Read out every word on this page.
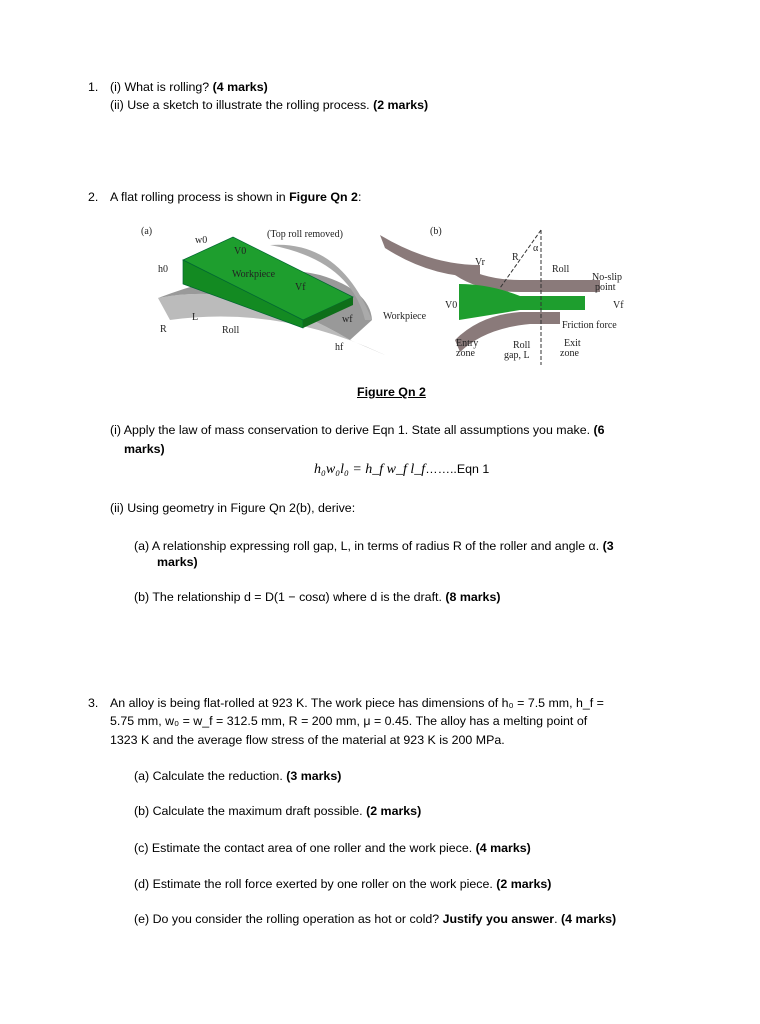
1. (i) What is rolling? (4 marks)
(ii) Use a sketch to illustrate the rolling process. (2 marks)
2. A flat rolling process is shown in Figure Qn 2:
(a)	(Top roll removed)
Workpiece
Roll
w0
h0
V0
Vf
wf
hf
L
R
(b)
R
α
Vr
Roll
No-slip
point
Vf
V0
Workpiece
Friction force
Entry
zone
Roll
gap, L
Exit
zone
Figure Qn 2
(i) Apply the law of mass conservation to derive Eqn 1. State all assumptions you make. (6
marks)
h₀w₀l₀ = h_f w_f l_f……..Eqn 1
(ii) Using geometry in Figure Qn 2(b), derive:
(a) A relationship expressing roll gap, L, in terms of radius R of the roller and angle α. (3
marks)
(b) The relationship d = D(1 − cosα) where d is the draft. (8 marks)
3. An alloy is being flat-rolled at 923 K. The work piece has dimensions of h₀ = 7.5 mm, h_f =
5.75 mm, w₀ = w_f = 312.5 mm, R = 200 mm, μ = 0.45. The alloy has a melting point of
1323 K and the average flow stress of the material at 923 K is 200 MPa.
(a) Calculate the reduction. (3 marks)
(b) Calculate the maximum draft possible. (2 marks)
(c) Estimate the contact area of one roller and the work piece. (4 marks)
(d) Estimate the roll force exerted by one roller on the work piece. (2 marks)
(e) Do you consider the rolling operation as hot or cold? Justify you answer. (4 marks)
